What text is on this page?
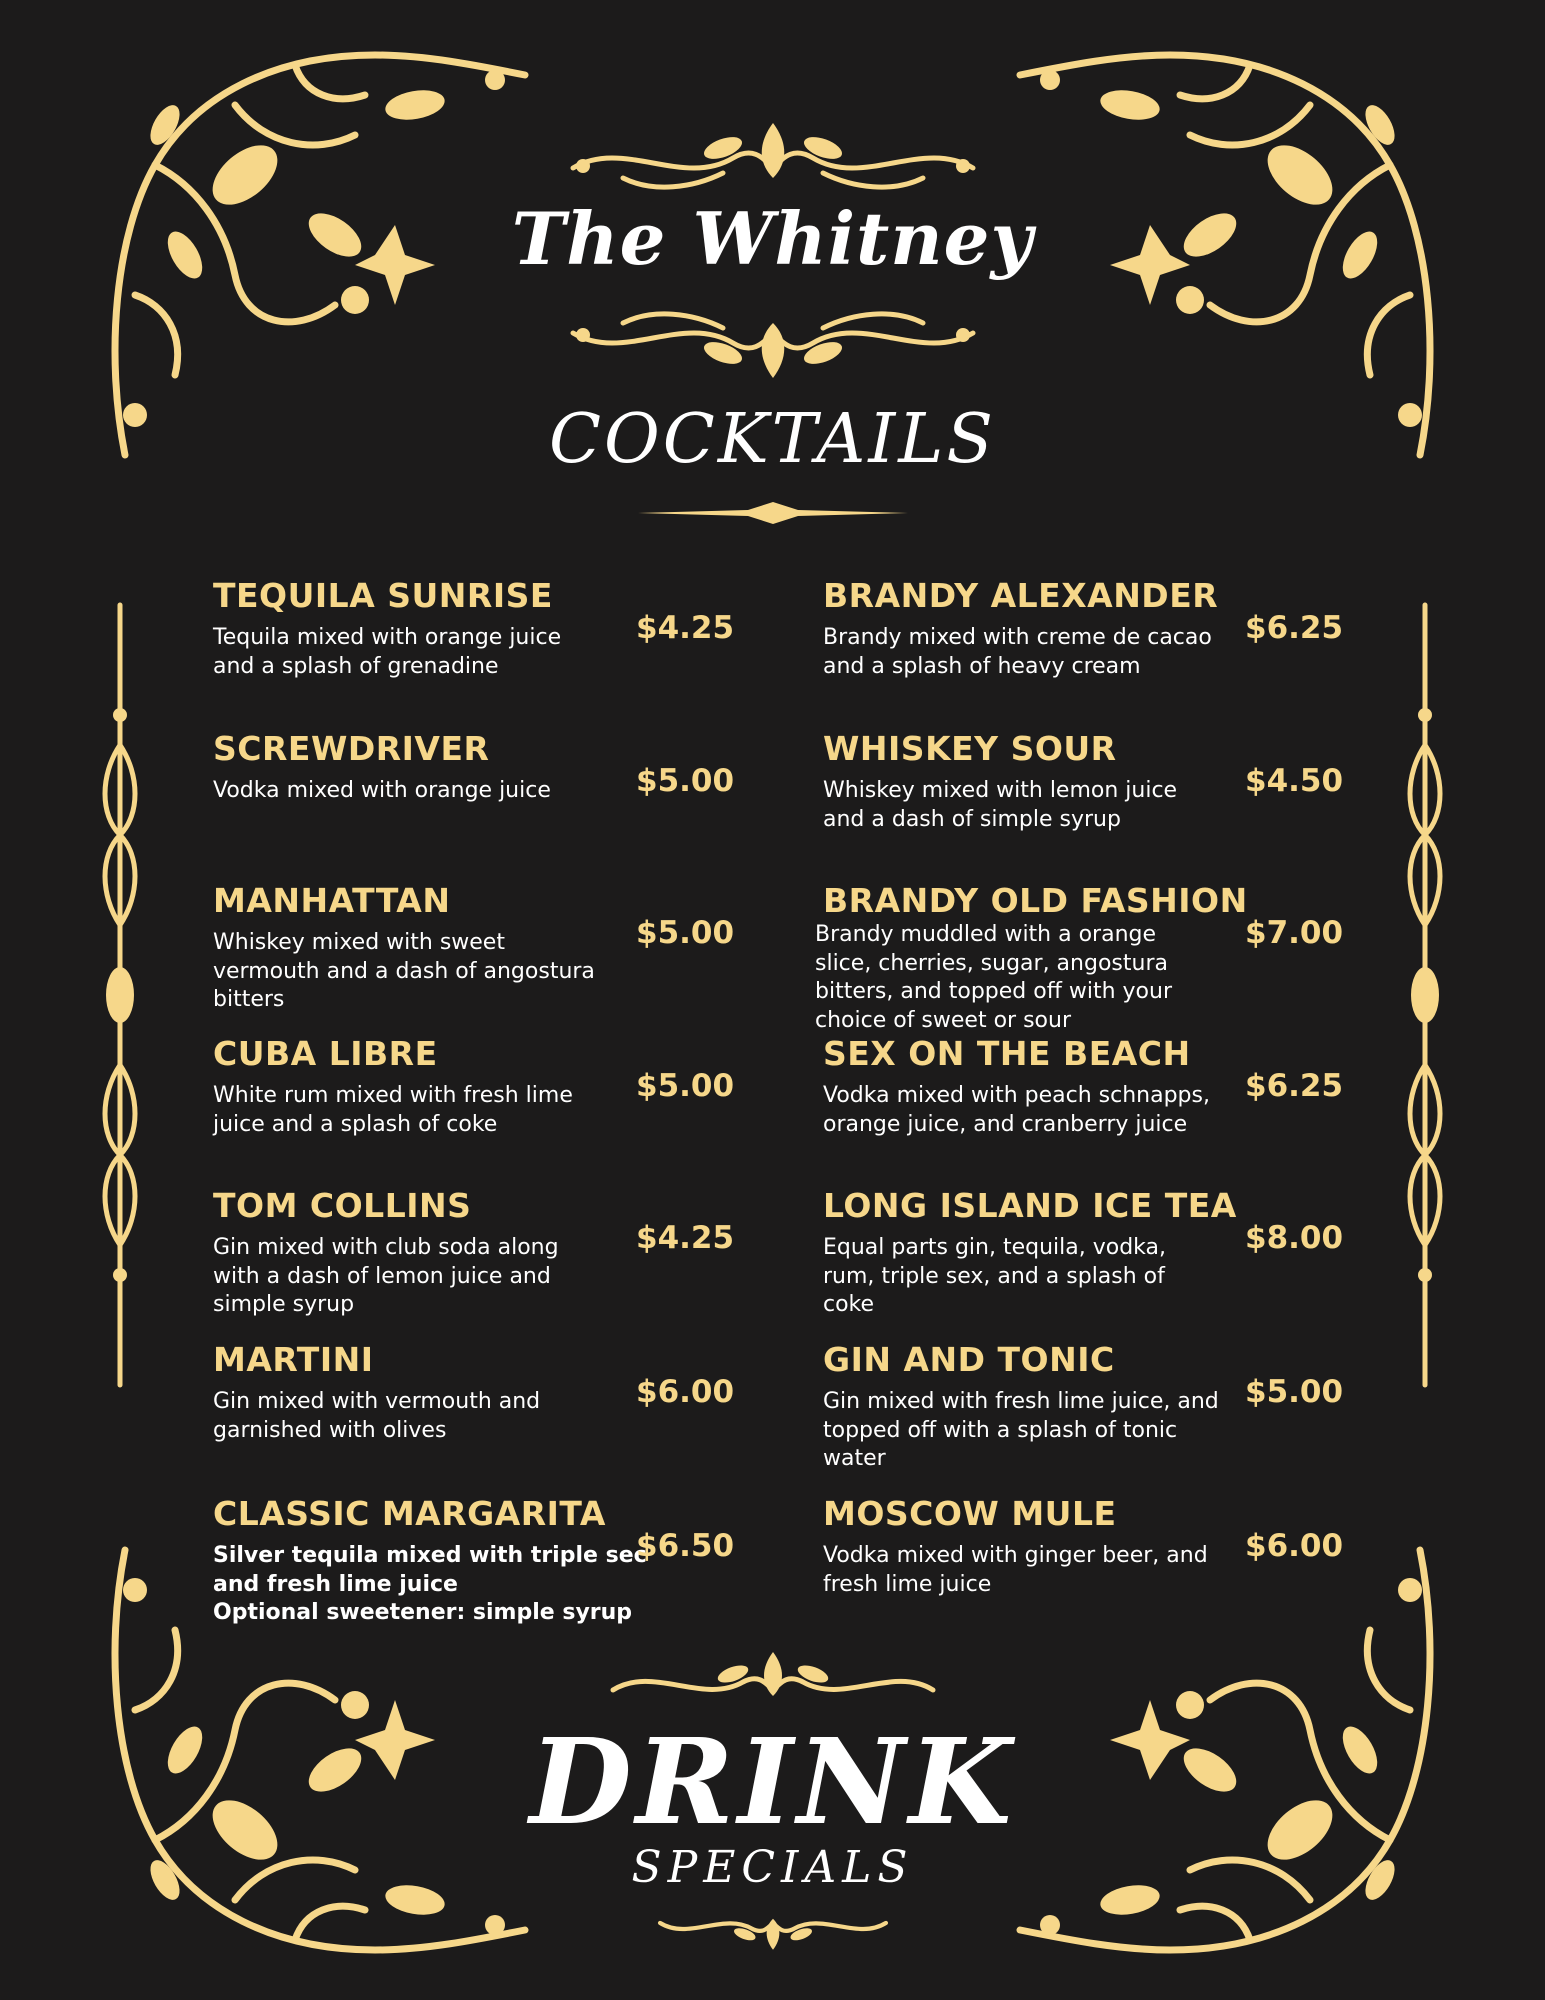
The Whitney
COCKTAILS
TEQUILA SUNRISE
Tequila mixed with orange juice
and a splash of grenadine
$4.25
SCREWDRIVER
Vodka mixed with orange juice	$5.00
MANHATTAN
Whiskey mixed with sweet
vermouth and a dash of angostura
bitters
$5.00
CUBA LIBRE
White rum mixed with fresh lime
juice and a splash of coke
$5.00
TOM COLLINS
Gin mixed with club soda along
with a dash of lemon juice and
simple syrup
$4.25
MARTINI
Gin mixed with vermouth and
garnished with olives
$6.00
CLASSIC MARGARITA
Silver tequila mixed with triple sec
and fresh lime juice
Optional sweetener: simple syrup
$6.50
BRANDY ALEXANDER
Brandy mixed with creme de cacao
and a splash of heavy cream
$6.25
WHISKEY SOUR
Whiskey mixed with lemon juice
and a dash of simple syrup
$4.50
BRANDY OLD FASHION
Brandy muddled with a orange
slice, cherries, sugar, angostura
bitters, and topped off with your
choice of sweet or sour
$7.00
SEX ON THE BEACH
Vodka mixed with peach schnapps,
orange juice, and cranberry juice
$6.25
LONG ISLAND ICE TEA
Equal parts gin, tequila, vodka,
rum, triple sex, and a splash of
coke
$8.00
GIN AND TONIC
Gin mixed with fresh lime juice, and
topped off with a splash of tonic
water
$5.00
MOSCOW MULE
Vodka mixed with ginger beer, and
fresh lime juice
$6.00
DRINK
SPECIALS
